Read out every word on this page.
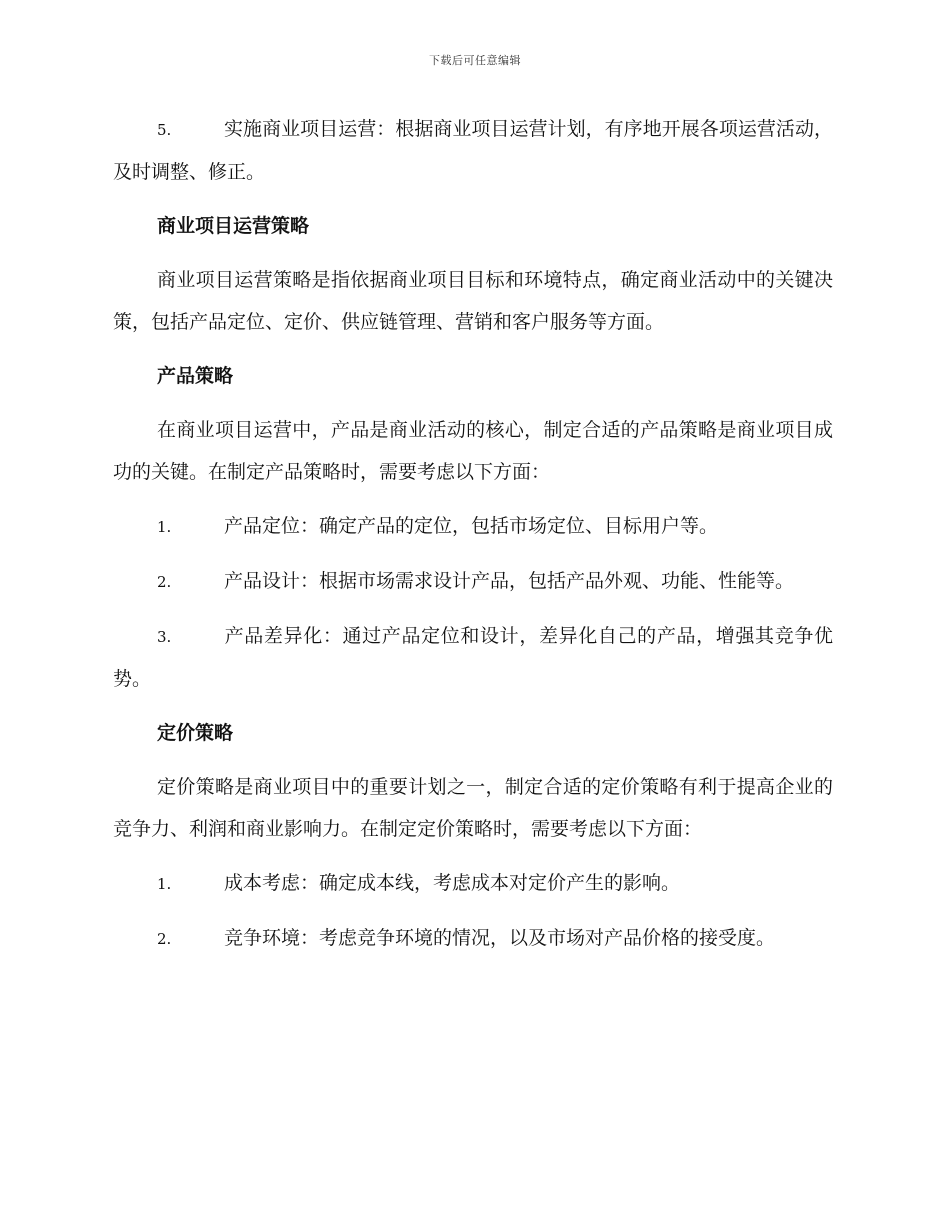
下载后可任意编辑

5.	实施商业项目运营：根据商业项目运营计划，有序地开展各项运营活动，及时调整、修正。

商业项目运营策略

商业项目运营策略是指依据商业项目目标和环境特点，确定商业活动中的关键决策，包括产品定位、定价、供应链管理、营销和客户服务等方面。

产品策略

在商业项目运营中，产品是商业活动的核心，制定合适的产品策略是商业项目成功的关键。在制定产品策略时，需要考虑以下方面：

1.	产品定位：确定产品的定位，包括市场定位、目标用户等。

2.	产品设计：根据市场需求设计产品，包括产品外观、功能、性能等。

3.	产品差异化：通过产品定位和设计，差异化自己的产品，增强其竞争优势。

定价策略

定价策略是商业项目中的重要计划之一，制定合适的定价策略有利于提高企业的竞争力、利润和商业影响力。在制定定价策略时，需要考虑以下方面：

1.	成本考虑：确定成本线，考虑成本对定价产生的影响。

2.	竞争环境：考虑竞争环境的情况，以及市场对产品价格的接受度。
